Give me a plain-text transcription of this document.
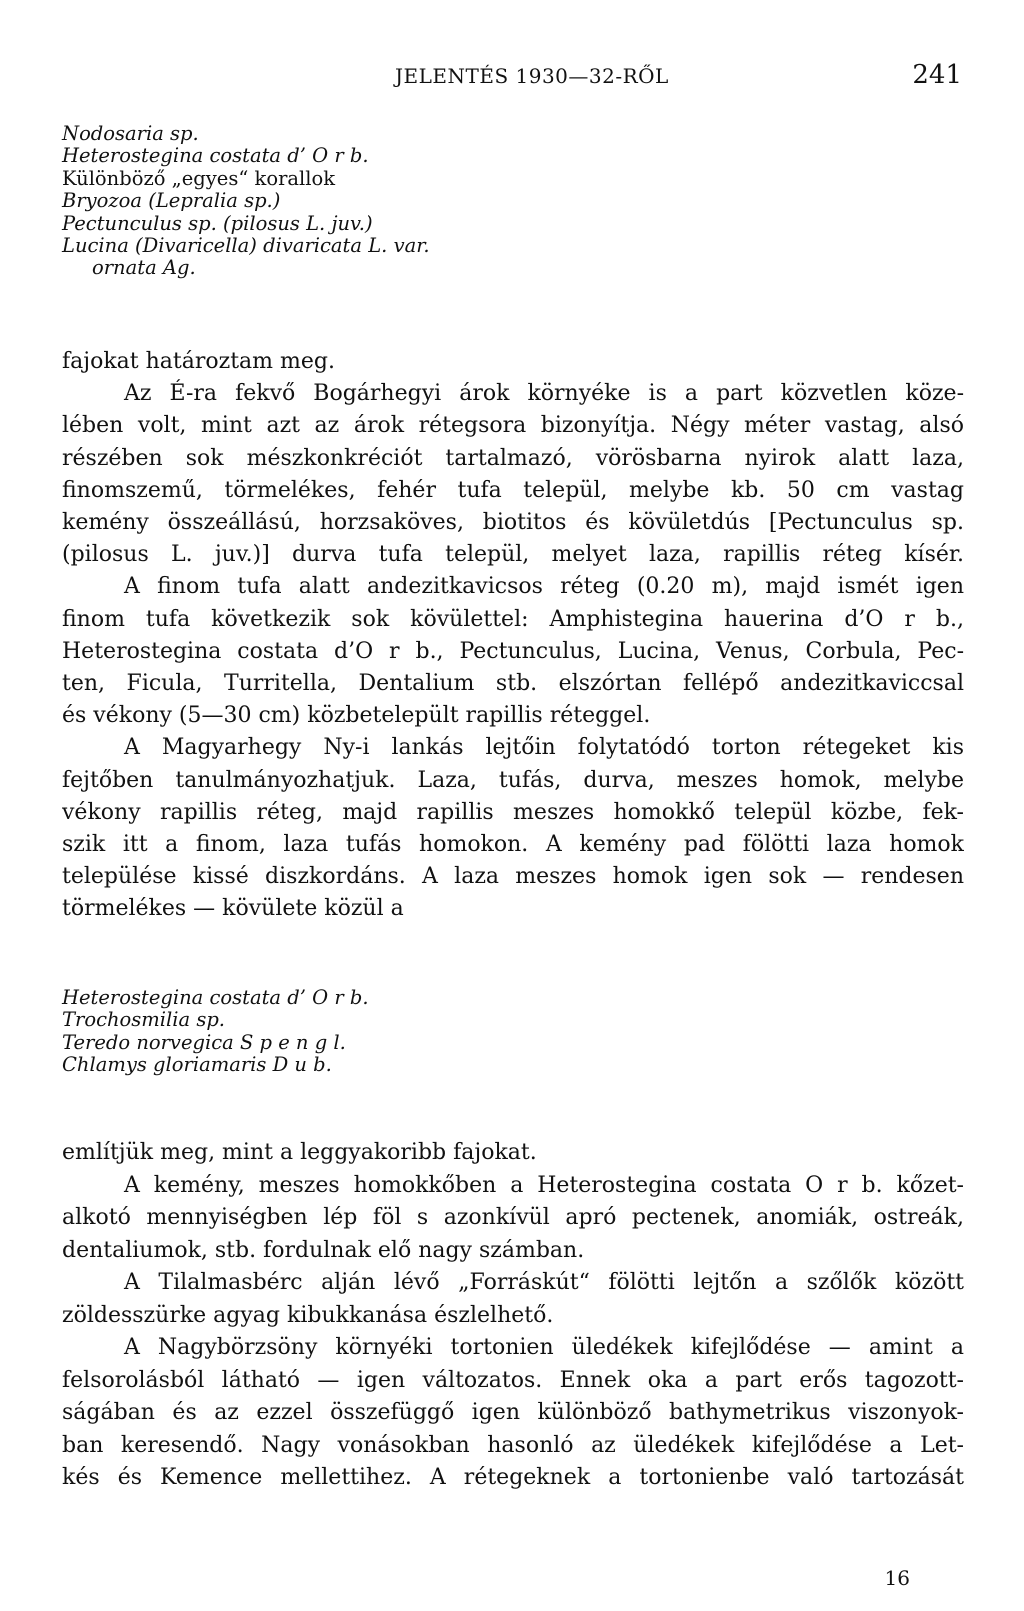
JELENTÉS 1930—32-RŐL	241
Nodosaria sp.
Heterostegina costata d’ O r b.
Különböző „egyes“ korallok
Bryozoa (Lepralia sp.)
Pectunculus sp. (pilosus L. juv.)
Lucina (Divaricella) divaricata L. var.
ornata Ag.
fajokat határoztam meg.
Az É-ra fekvő Bogárhegyi árok környéke is a part közvetlen köze-
lében volt, mint azt az árok rétegsora bizonyítja. Négy méter vastag, alsó
részében sok mészkonkréciót tartalmazó, vörösbarna nyirok alatt laza,
finomszemű, törmelékes, fehér tufa települ, melybe kb. 50 cm vastag
kemény összeállású, horzsaköves, biotitos és kövületdús [Pectunculus sp.
(pilosus L. juv.)] durva tufa települ, melyet laza, rapillis réteg kísér.
A finom tufa alatt andezitkavicsos réteg (0.20 m), majd ismét igen
finom tufa következik sok kövülettel: Amphistegina hauerina d’O r b.,
Heterostegina costata d’O r b., Pectunculus, Lucina, Venus, Corbula, Pec-
ten, Ficula, Turritella, Dentalium stb. elszórtan fellépő andezitkaviccsal
és vékony (5—30 cm) közbetelepült rapillis réteggel.
A Magyarhegy Ny-i lankás lejtőin folytatódó torton rétegeket kis
fejtőben tanulmányozhatjuk. Laza, tufás, durva, meszes homok, melybe
vékony rapillis réteg, majd rapillis meszes homokkő települ közbe, fek-
szik itt a finom, laza tufás homokon. A kemény pad fölötti laza homok
települése kissé diszkordáns. A laza meszes homok igen sok — rendesen
törmelékes — kövülete közül a
Heterostegina costata d’ O r b.
Trochosmilia sp.
Teredo norvegica S p e n g l.
Chlamys gloriamaris D u b.
említjük meg, mint a leggyakoribb fajokat.
A kemény, meszes homokkőben a Heterostegina costata O r b. kőzet-
alkotó mennyiségben lép föl s azonkívül apró pectenek, anomiák, ostreák,
dentaliumok, stb. fordulnak elő nagy számban.
A Tilalmasbérc alján lévő „Forráskút“ fölötti lejtőn a szőlők között
zöldesszürke agyag kibukkanása észlelhető.
A Nagybörzsöny környéki tortonien üledékek kifejlődése — amint a
felsorolásból látható — igen változatos. Ennek oka a part erős tagozott-
ságában és az ezzel összefüggő igen különböző bathymetrikus viszonyok-
ban keresendő. Nagy vonásokban hasonló az üledékek kifejlődése a Let-
kés és Kemence mellettihez. A rétegeknek a tortonienbe való tartozását
16
